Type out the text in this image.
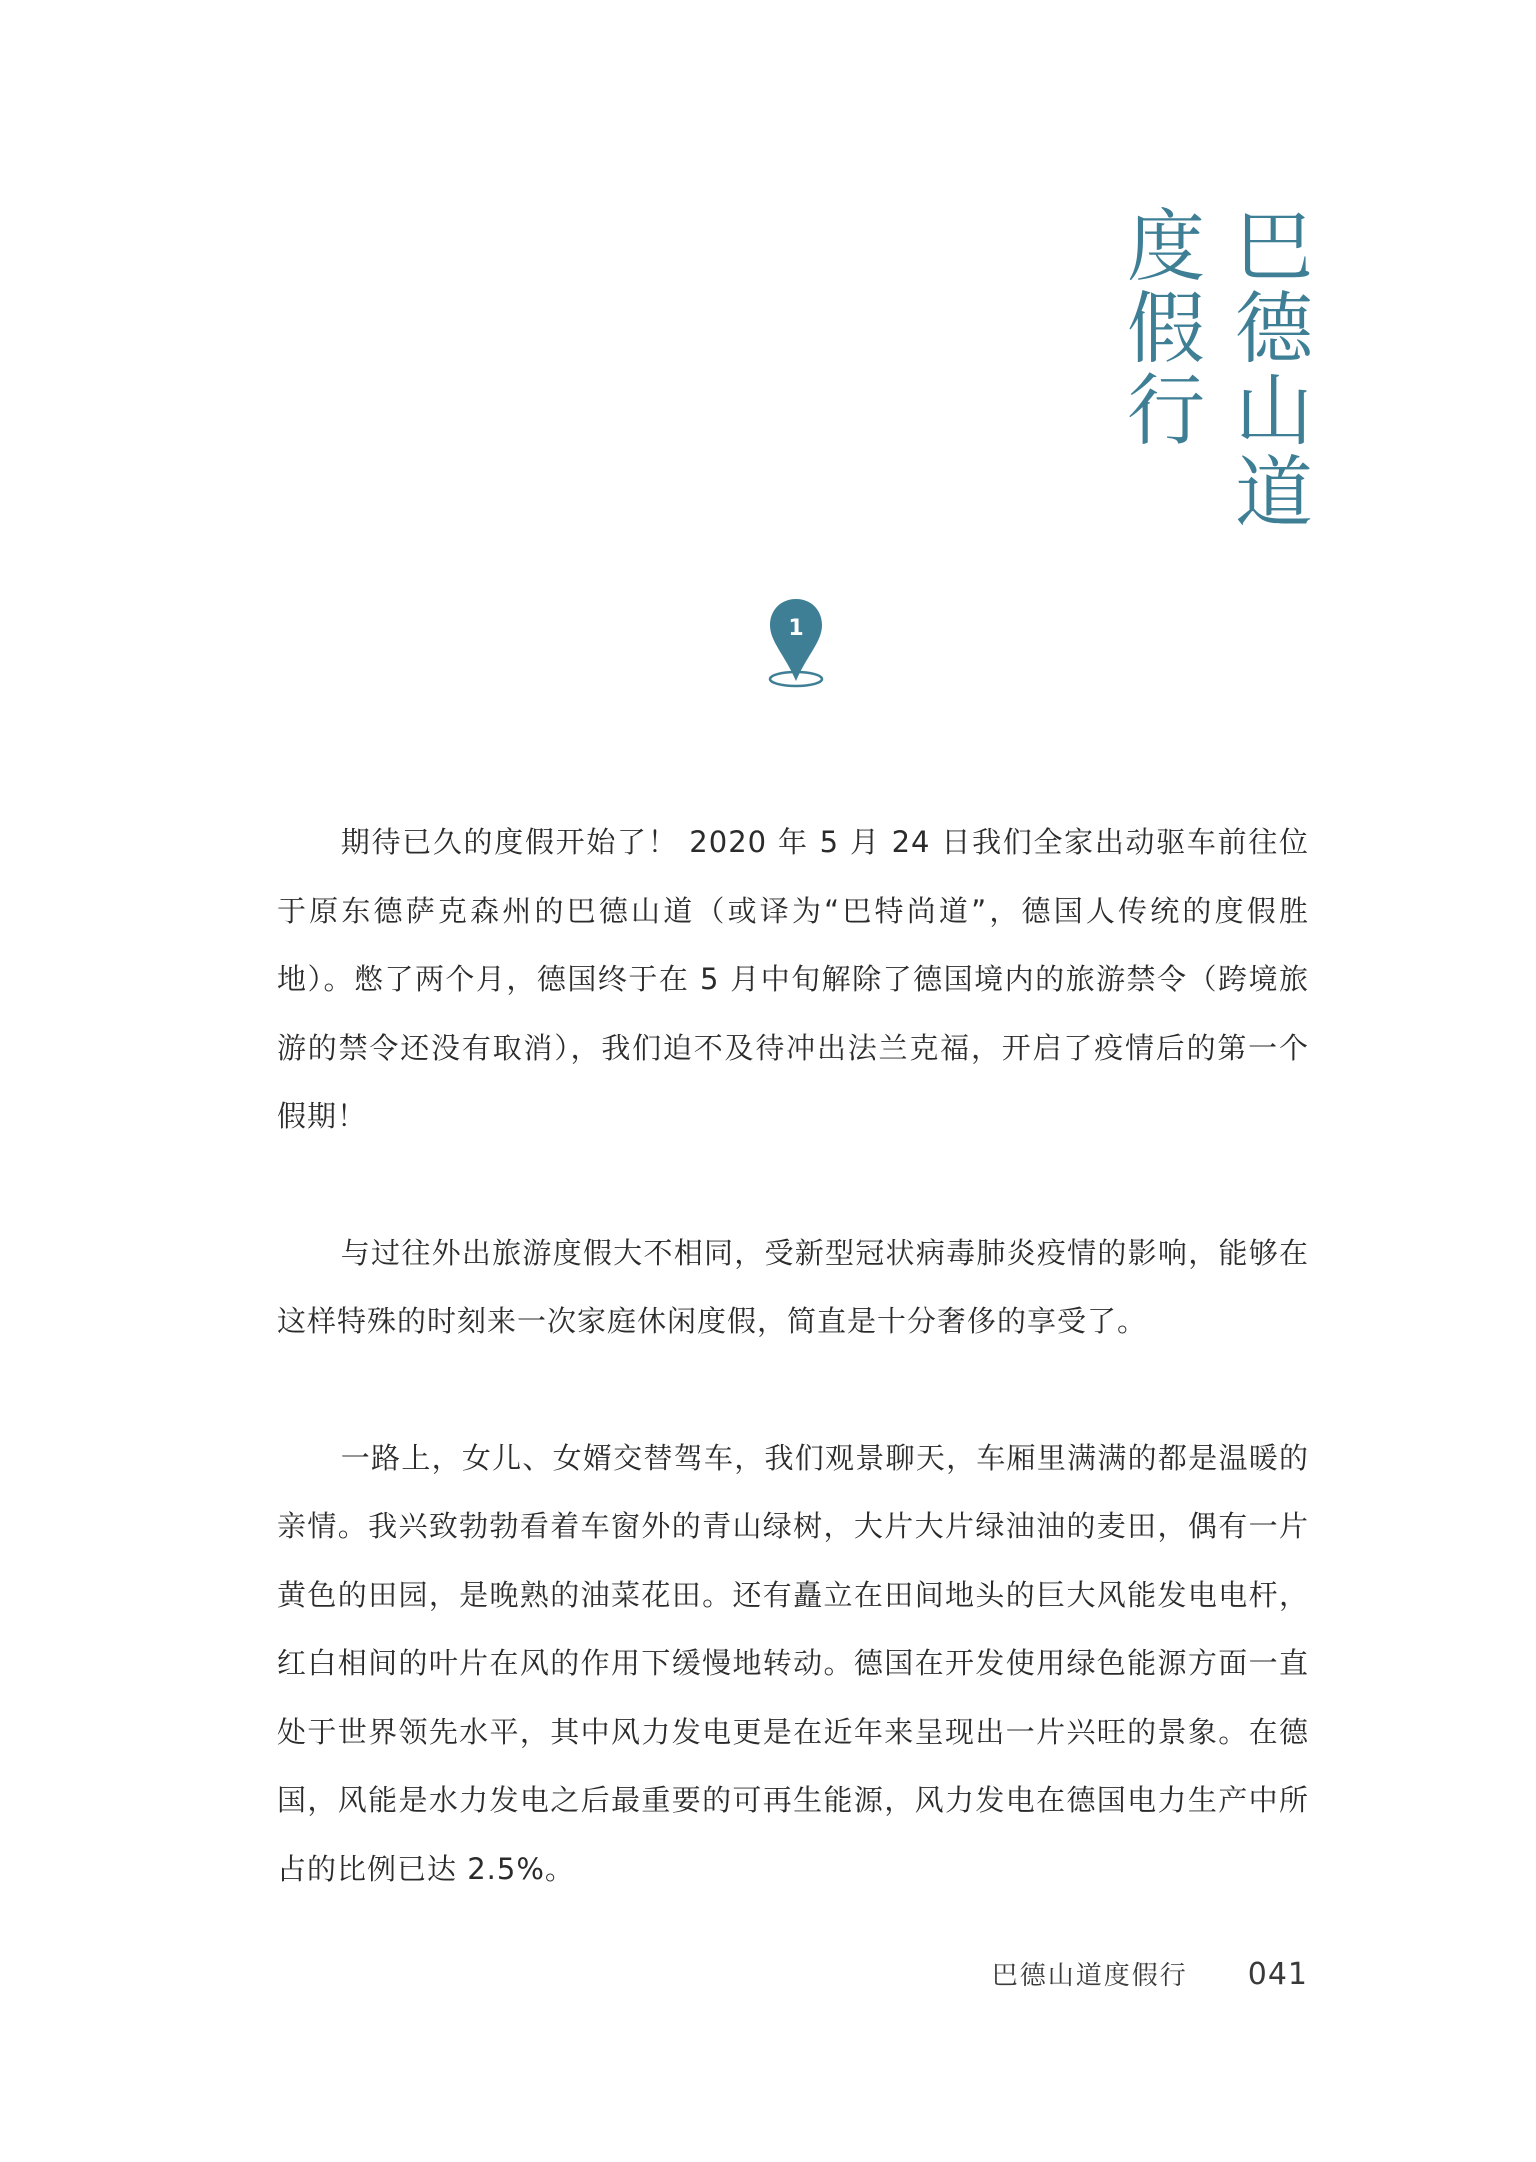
巴德山道
度假行
1

期待已久的度假开始了！ 2020 年 5 月 24 日我们全家出动驱车前往位于原东德萨克森州的巴德山道（或译为“巴特尚道”，德国人传统的度假胜地）。憋了两个月，德国终于在 5 月中旬解除了德国境内的旅游禁令（跨境旅游的禁令还没有取消），我们迫不及待冲出法兰克福，开启了疫情后的第一个假期！

与过往外出旅游度假大不相同，受新型冠状病毒肺炎疫情的影响，能够在这样特殊的时刻来一次家庭休闲度假，简直是十分奢侈的享受了。

一路上，女儿、女婿交替驾车，我们观景聊天，车厢里满满的都是温暖的亲情。我兴致勃勃看着车窗外的青山绿树，大片大片绿油油的麦田，偶有一片黄色的田园，是晚熟的油菜花田。还有矗立在田间地头的巨大风能发电电杆，红白相间的叶片在风的作用下缓慢地转动。德国在开发使用绿色能源方面一直处于世界领先水平，其中风力发电更是在近年来呈现出一片兴旺的景象。在德国，风能是水力发电之后最重要的可再生能源，风力发电在德国电力生产中所占的比例已达 2.5%。

巴德山道度假行 041
